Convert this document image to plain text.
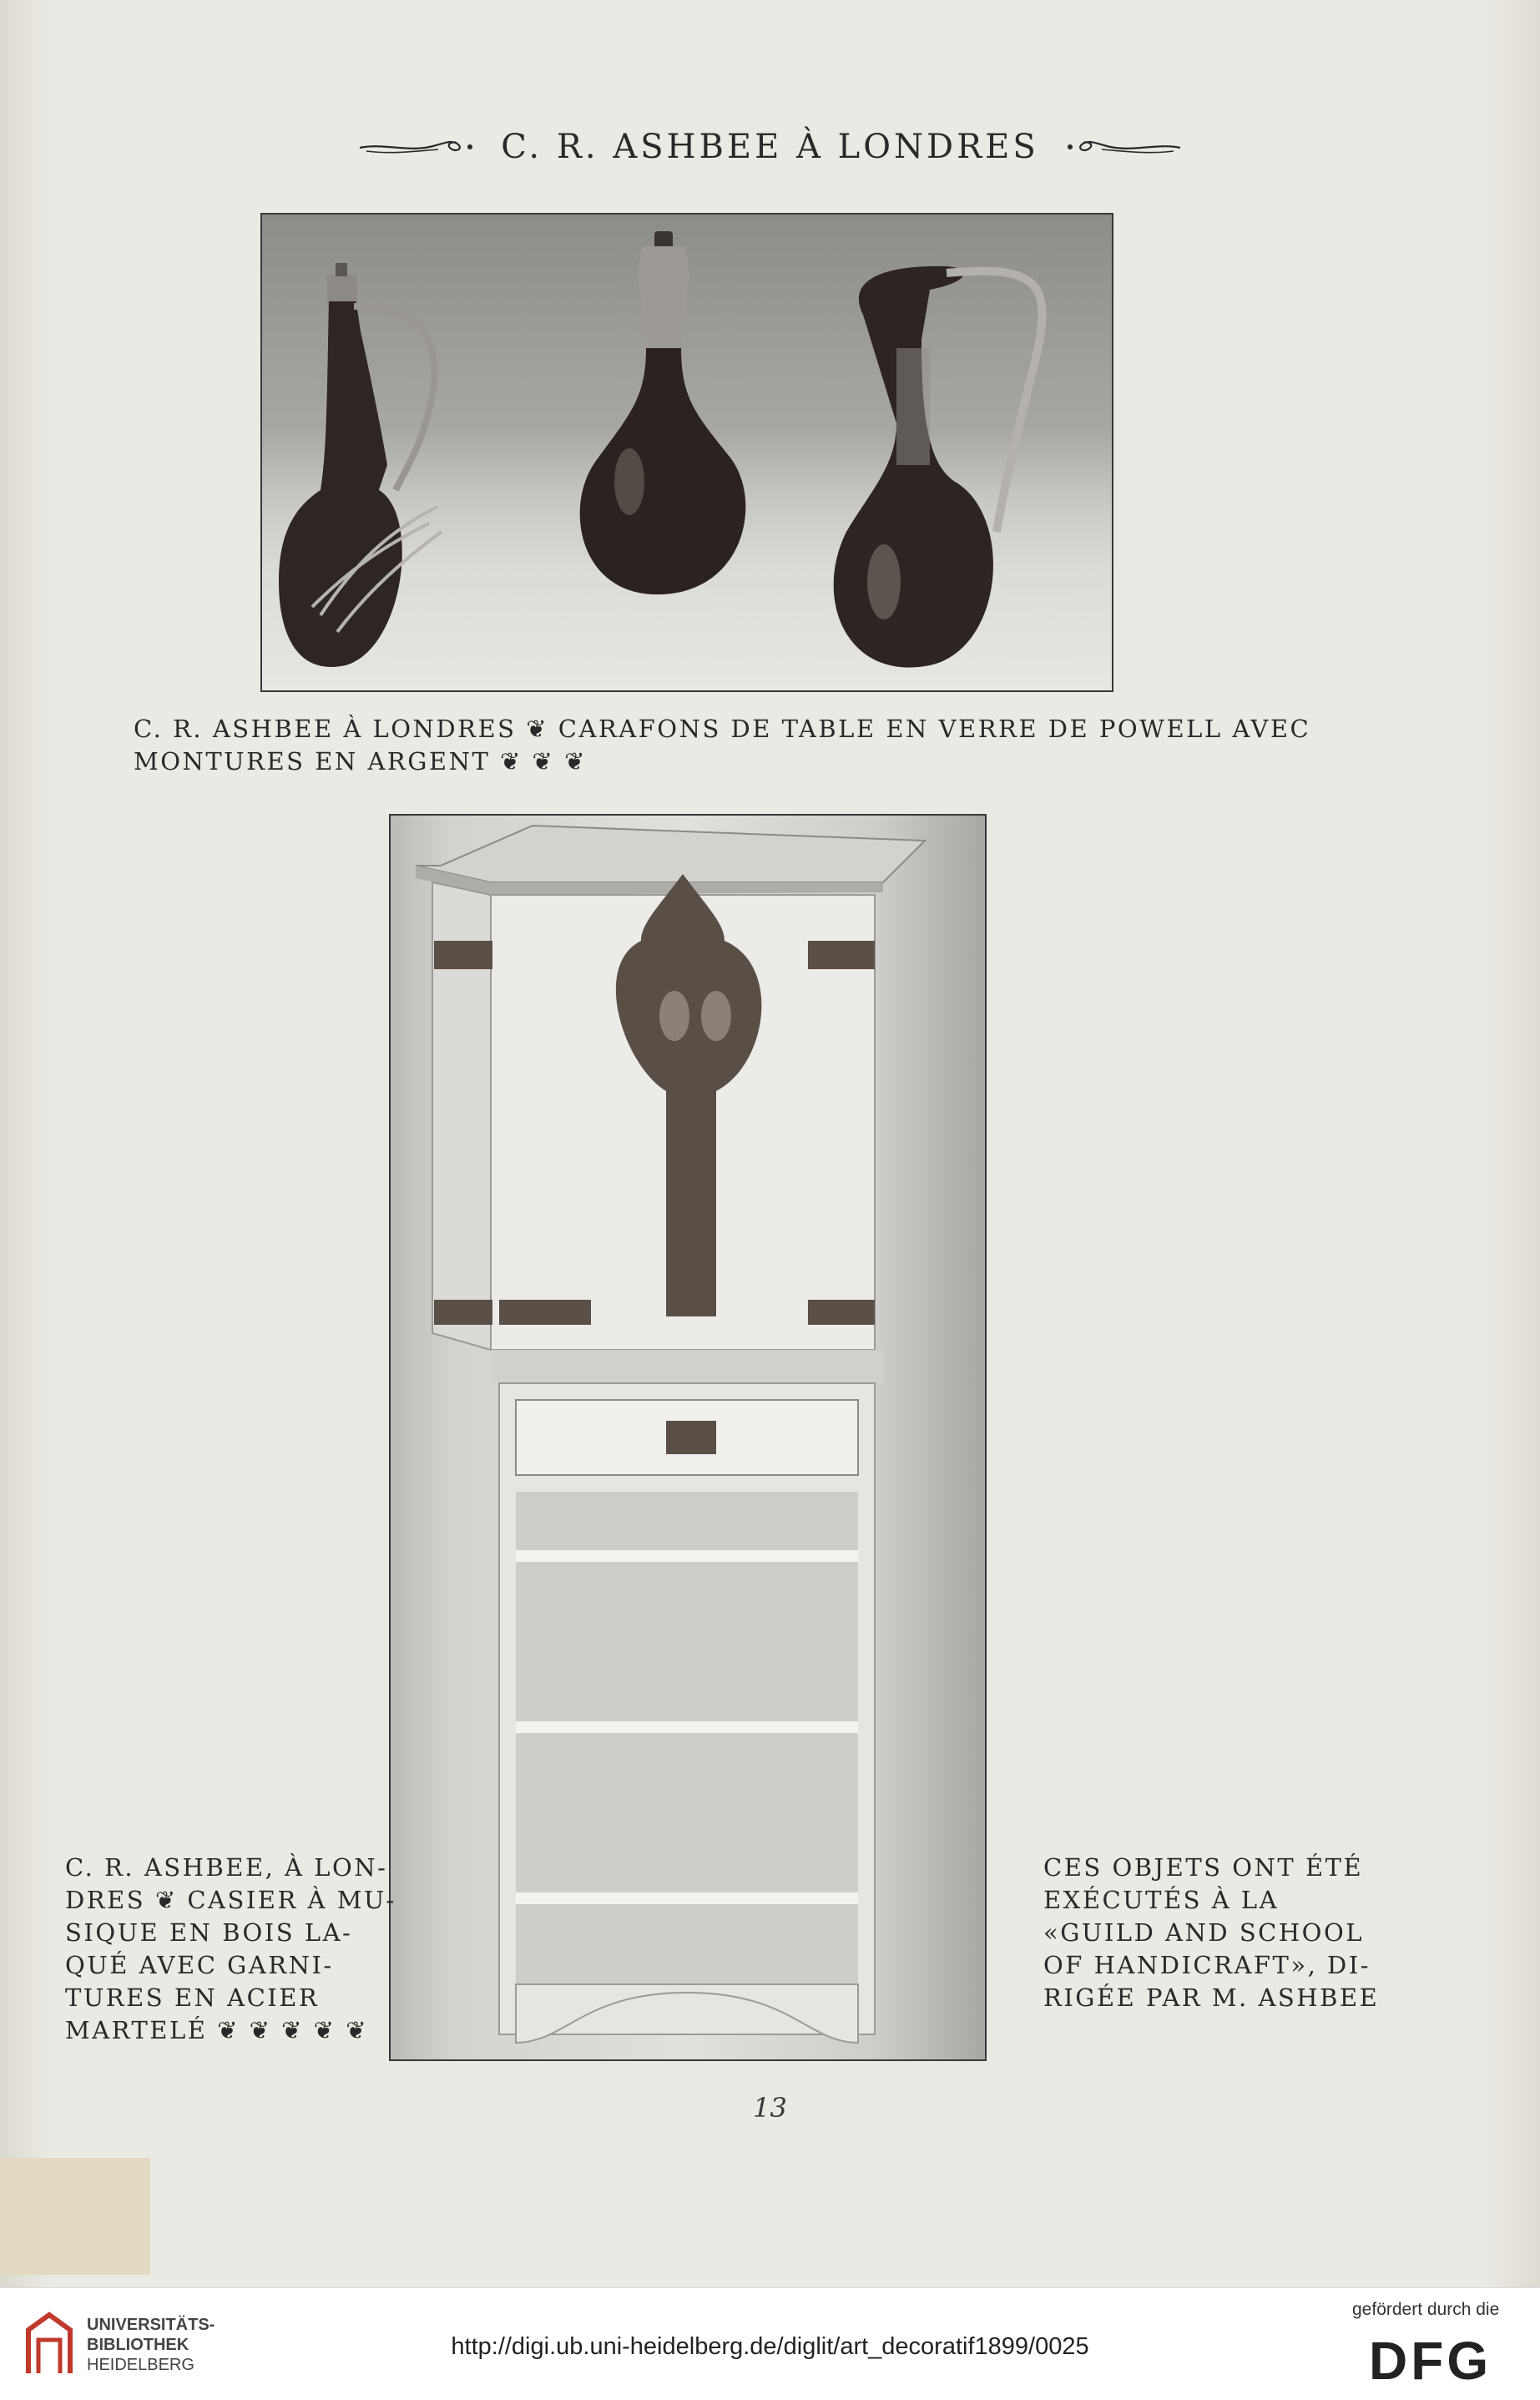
C. R. ASHBEE À LONDRES
C. R. ASHBEE À LONDRES ❦ CARAFONS DE TABLE EN VERRE DE POWELL AVEC
MONTURES EN ARGENT ❦ ❦ ❦
C. R. ASHBEE, À LON-
DRES ❦ CASIER À MU-
SIQUE EN BOIS LA-
QUÉ AVEC GARNI-
TURES EN ACIER
MARTELÉ ❦ ❦ ❦ ❦ ❦
CES OBJETS ONT ÉTÉ
EXÉCUTÉS À LA
«GUILD AND SCHOOL
OF HANDICRAFT», DI-
RIGÉE PAR M. ASHBEE
13
UNIVERSITÄTS-
BIBLIOTHEK
HEIDELBERG
http://digi.ub.uni-heidelberg.de/diglit/art_decoratif1899/0025
gefördert durch die
DFG
